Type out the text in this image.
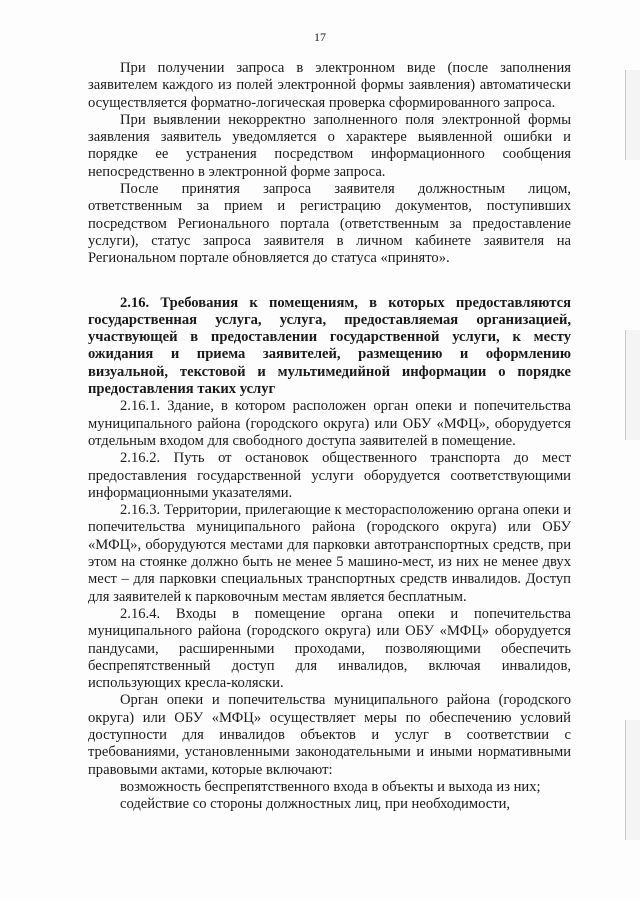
17

При получении запроса в электронном виде (после заполнения заявителем каждого из полей электронной формы заявления) автоматически осуществляется форматно-логическая проверка сформированного запроса.

При выявлении некорректно заполненного поля электронной формы заявления заявитель уведомляется о характере выявленной ошибки и порядке ее устранения посредством информационного сообщения непосредственно в электронной форме запроса.

После принятия запроса заявителя должностным лицом, ответственным за прием и регистрацию документов, поступивших посредством Регионального портала (ответственным за предоставление услуги), статус запроса заявителя в личном кабинете заявителя на Региональном портале обновляется до статуса «принято».

2.16. Требования к помещениям, в которых предоставляются государственная услуга, услуга, предоставляемая организацией, участвующей в предоставлении государственной услуги, к месту ожидания и приема заявителей, размещению и оформлению визуальной, текстовой и мультимедийной информации о порядке предоставления таких услуг

2.16.1. Здание, в котором расположен орган опеки и попечительства муниципального района (городского округа) или ОБУ «МФЦ», оборудуется отдельным входом для свободного доступа заявителей в помещение.

2.16.2. Путь от остановок общественного транспорта до мест предоставления государственной услуги оборудуется соответствующими информационными указателями.

2.16.3. Территории, прилегающие к месторасположению органа опеки и попечительства муниципального района (городского округа) или ОБУ «МФЦ», оборудуются местами для парковки автотранспортных средств, при этом на стоянке должно быть не менее 5 машино-мест, из них не менее двух мест – для парковки специальных транспортных средств инвалидов. Доступ для заявителей к парковочным местам является бесплатным.

2.16.4. Входы в помещение органа опеки и попечительства муниципального района (городского округа) или ОБУ «МФЦ» оборудуется пандусами, расширенными проходами, позволяющими обеспечить беспрепятственный доступ для инвалидов, включая инвалидов, использующих кресла-коляски.

Орган опеки и попечительства муниципального района (городского округа) или ОБУ «МФЦ» осуществляет меры по обеспечению условий доступности для инвалидов объектов и услуг в соответствии с требованиями, установленными законодательными и иными нормативными правовыми актами, которые включают:

возможность беспрепятственного входа в объекты и выхода из них;

содействие со стороны должностных лиц, при необходимости,
